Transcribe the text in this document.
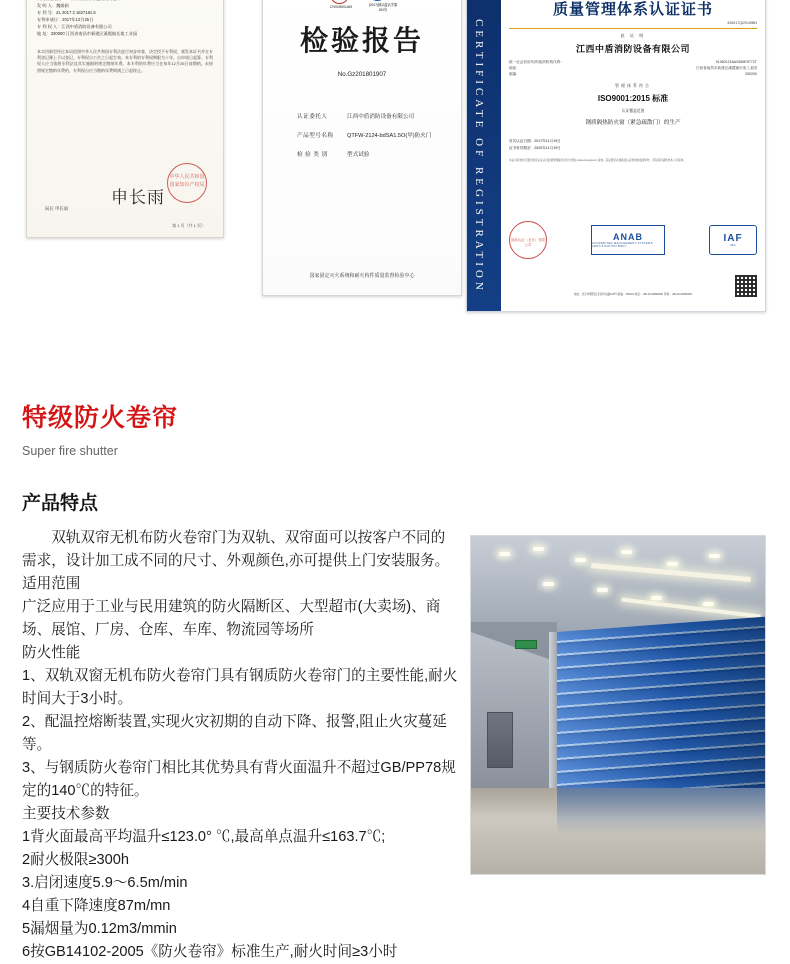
发 明 人：魏娟娟
专 利 号：ZL 2017 2 1827181.5
专利申请日：2017年12月25日
专 利 权 人：江西中盾消防设备有限公司
地 址：330000 江西省南昌市新建区溪霞镇长堎工业园
本实用新型经过本局依照中华人民共和国专利法进行初步审查，决定授予专利权，颁发本证书并在专利登记簿上予以登记。专利权自公告之日起生效。本专利的专利权期限为十年，自申请日起算。专利权人应当依照专利法及其实施细则规定缴纳年费。本专利的年费应当在每年12月25日前缴纳。未按照规定缴纳年费的，专利权自应当缴纳年费期满之日起终止。
申长雨
中华人民共和国国家知识产权局
局长 申长雨
第 1 页（共 1 页）
17002I5201465	(2017)国认监认字第002号
检验报告
No.Gz201801907
认证委托人	江西中盾消防设备有限公司
产品型号名称	QTFW-2124-bdSA1.5O(甲)防火门
检 验 类 别	型式试验
国家固定灭火系统和耐火构件质量监督检验中心	CERTIFICATE OF REGISTRATION
质量管理体系认证证书
426017QI2019IBN
兹 证 明
江西中盾消防设备有限公司
统一社会信用代码/组织机构代码：	913601218AX589E9772T
地址：	江西省南昌市新建区溪霞镇长堎工业园
邮编：	330200
管理体系符合
ISO9001:2015 标准
认证覆盖范围
钢质隔热防火窗（紧急疏散门）的生产
首次认证日期：2017年11月19日
证书有效期至：2020年11月19日
本证书有效性可通过国家认证认可监督管理委员会官方网站 www.cnca.gov.cn 查询。获证组织必须接受认证机构的监督审核，若有疑问请致电本公司查询。
凯新认证（北京）有限公司
ANAB
ACCREDITED MANAGEMENT SYSTEMS CERTIFICATION BODY
IAF
MLA
地址：北京市朝阳区北四环东路110号 邮编：100101 电话：+86-10-64800000 传真：+86-10-64800001
特级防火卷帘
Super fire shutter
产品特点

双轨双帘无机布防火卷帘门为双轨、双帘面可以按客户不同的需求，设计加工成不同的尺寸、外观颜色,亦可提供上门安装服务。

适用范围

广泛应用于工业与民用建筑的防火隔断区、大型超市(大卖场)、商场、展馆、厂房、仓库、车库、物流园等场所

防火性能

1、双轨双窗无机布防火卷帘门具有钢质防火卷帘门的主要性能,耐火时间大于3小时。

2、配温控熔断装置,实现火灾初期的自动下降、报警,阻止火灾蔓延等。

3、与钢质防火卷帘门相比其优势具有背火面温升不超过GB/PP78规定的140℃的特征。

主要技术参数

1背火面最高平均温升≤123.0° ℃,最高单点温升≤163.7℃;

2耐火极限≥300h

3.启闭速度5.9～6.5m/min

4自重下降速度87m/mn

5漏烟量为0.12m3/mmin

6按GB14102-2005《防火卷帘》标准生产,耐火时间≥3小时
